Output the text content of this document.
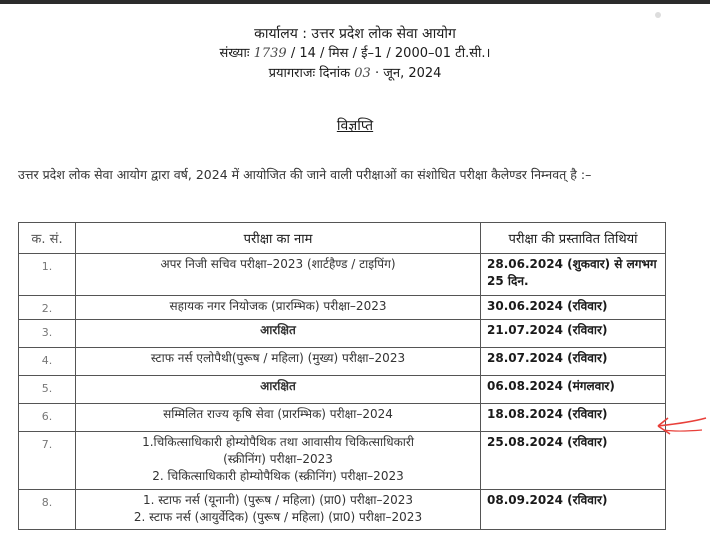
कार्यालय : उत्तर प्रदेश लोक सेवा आयोग
संख्याः 1739 / 14 / मिस / ई–1 / 2000–01 टी.सी.।
प्रयागराजः दिनांक 03 · जून, 2024
विज्ञप्ति
उत्तर प्रदेश लोक सेवा आयोग द्वारा वर्ष, 2024 में आयोजित की जाने वाली परीक्षाओं का संशोधित परीक्षा कैलेण्डर निम्नवत् है :–
क. सं.	परीक्षा का नाम	परीक्षा की प्रस्तावित तिथियां
1.	अपर निजी सचिव परीक्षा–2023 (शार्टहैण्ड / टाइपिंग)	28.06.2024 (शुकवार) से लगभग 25 दिन.
2.	सहायक नगर नियोजक (प्रारम्भिक) परीक्षा–2023	30.06.2024 (रविवार)
3.	आरक्षित	21.07.2024 (रविवार)
4.	स्टाफ नर्स एलोपैथी(पुरूष / महिला) (मुख्य) परीक्षा–2023	28.07.2024 (रविवार)
5.	आरक्षित	06.08.2024 (मंगलवार)
6.	सम्मिलित राज्य कृषि सेवा (प्रारम्भिक) परीक्षा–2024	18.08.2024 (रविवार)
7.	1.चिकित्साधिकारी होम्योपैथिक तथा आवासीय चिकित्साधिकारी
(स्क्रीनिंग) परीक्षा–2023
2. चिकित्साधिकारी होम्योपैथिक (स्क्रीनिंग) परीक्षा–2023	25.08.2024 (रविवार)
8.	1. स्टाफ नर्स (यूनानी) (पुरूष / महिला) (प्रा0) परीक्षा–2023
2. स्टाफ नर्स (आयुर्वेदिक) (पुरूष / महिला) (प्रा0) परीक्षा–2023	08.09.2024 (रविवार)
